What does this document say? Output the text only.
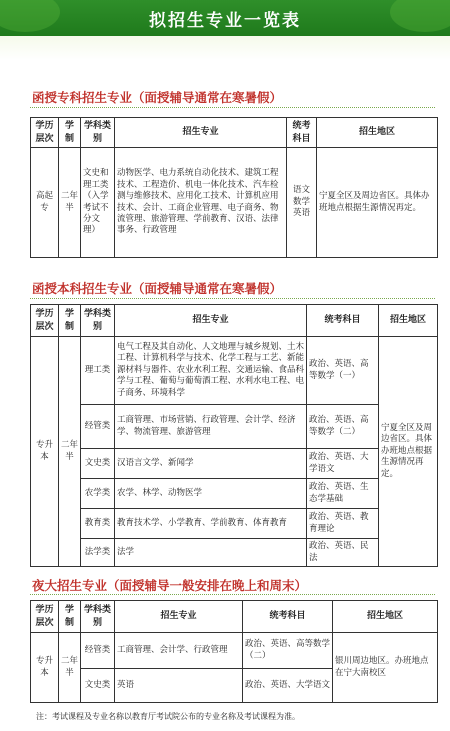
拟招生专业一览表
函授专科招生专业（面授辅导通常在寒暑假）
学历层次	学制	学科类别	招生专业	统考科目	招生地区
高起专	二年半	文史和理工类（入学考试不分文理）	动物医学、电力系统自动化技术、建筑工程技术、工程造价、机电一体化技术、汽车检测与维修技术、应用化工技术、计算机应用技术、会计、工商企业管理、电子商务、物流管理、旅游管理、学前教育、汉语、法律事务、行政管理	语文数学英语	宁夏全区及周边省区。具体办班地点根据生源情况再定。
函授本科招生专业（面授辅导通常在寒暑假）
学历层次	学制	学科类别	招生专业	统考科目	招生地区
专升本	二年半	理工类	电气工程及其自动化、人文地理与城乡规划、土木工程、计算机科学与技术、化学工程与工艺、新能源材料与器件、农业水利工程、交通运输、食品科学与工程、葡萄与葡萄酒工程、水利水电工程、电子商务、环境科学	政治、英语、高等数学（一）	宁夏全区及周边省区。具体办班地点根据生源情况再定。
		经管类	工商管理、市场营销、行政管理、会计学、经济学、物流管理、旅游管理	政治、英语、高等数学（二）	
		文史类	汉语言文学、新闻学	政治、英语、大学语文	
		农学类	农学、林学、动物医学	政治、英语、生态学基础	
		教育类	教育技术学、小学教育、学前教育、体育教育	政治、英语、教育理论	
		法学类	法学	政治、英语、民法	
夜大招生专业（面授辅导一般安排在晚上和周末）
学历层次	学制	学科类别	招生专业	统考科目	招生地区
专升本	二年半	经管类	工商管理、会计学、行政管理	政治、英语、高等数学（二）	银川周边地区。办班地点在宁大南校区
		文史类	英语	政治、英语、大学语文	
注：考试课程及专业名称以教育厅考试院公布的专业名称及考试课程为准。
